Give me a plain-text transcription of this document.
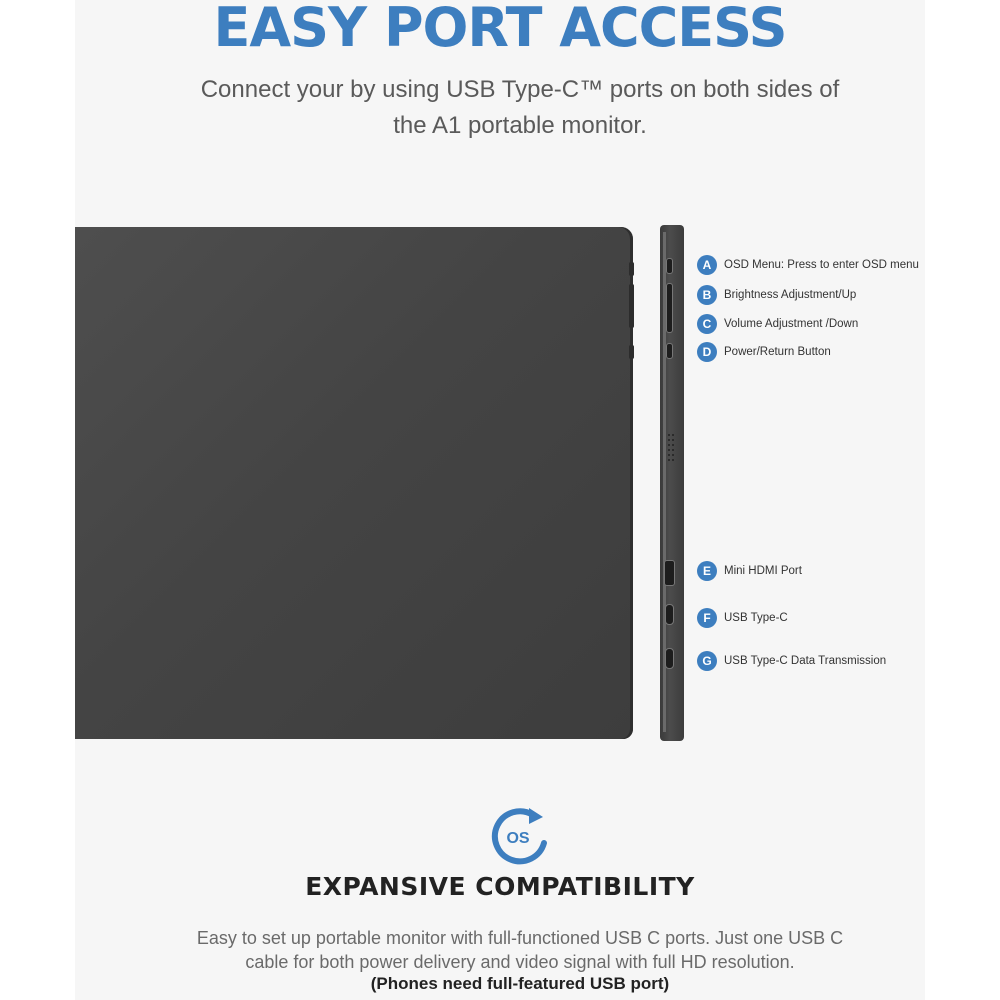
EASY PORT ACCESS
Connect your by using USB Type-C™ ports on both sides of
the A1 portable monitor.
A	OSD Menu: Press to enter OSD menu
B	Brightness Adjustment/Up
C	Volume Adjustment /Down
D	Power/Return Button
E	Mini HDMI Port
F	USB Type-C
G	USB Type-C Data Transmission
OS
EXPANSIVE COMPATIBILITY
Easy to set up portable monitor with full-functioned USB C ports. Just one USB C
cable for both power delivery and video signal with full HD resolution.
(Phones need full-featured USB port)
